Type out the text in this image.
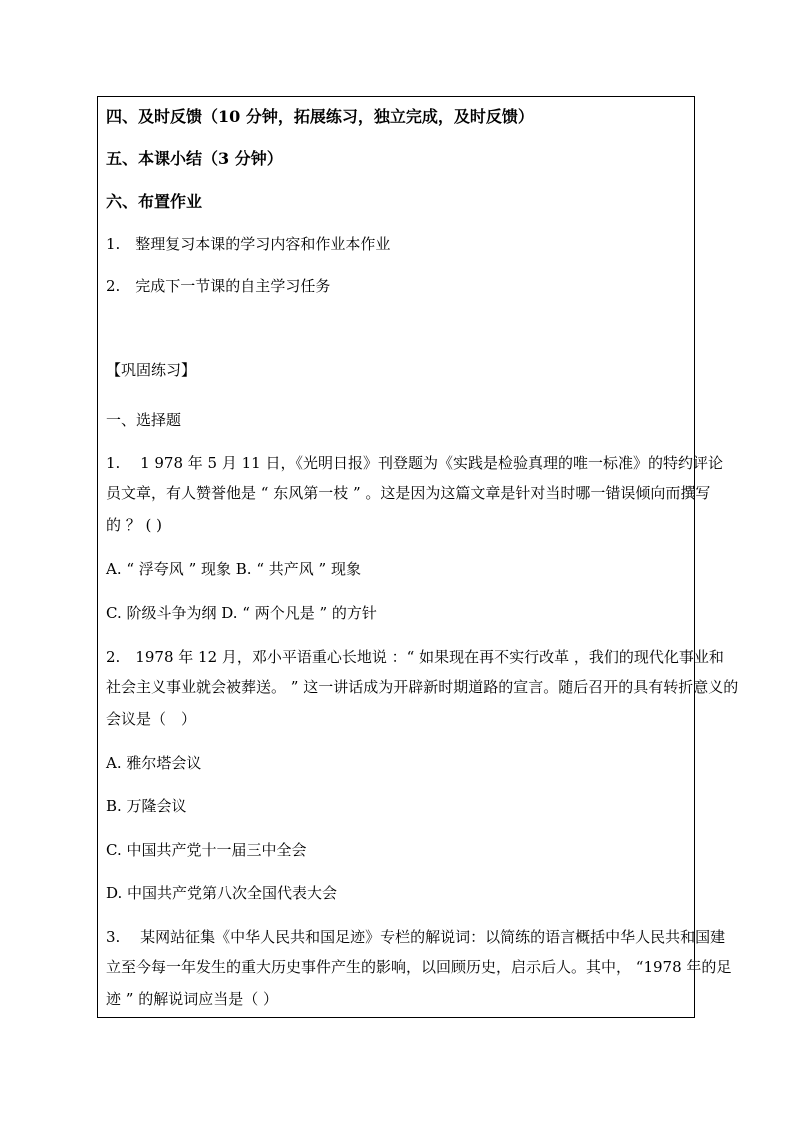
四、及时反馈（10 分钟，拓展练习，独立完成，及时反馈）
五、本课小结（3 分钟）
六、布置作业
1.　整理复习本课的学习内容和作业本作业
2.　完成下一节课的自主学习任务
【巩固练习】
一、选择题
1.　 1 978 年 5 月 11 日，《光明日报》刊登题为《实践是检验真理的唯一标准》的特约评论
员文章，有人赞誉他是 “ 东风第一枝 ” 。这是因为这篇文章是针对当时哪一错误倾向而撰写
的 ？ ( )
A. “ 浮夸风 ” 现象 B. “ 共产风 ” 现象
C. 阶级斗争为纲 D. “ 两个凡是 ” 的方针
2.　1978 年 12 月，邓小平语重心长地说 ：“ 如果现在再不实行改革 ，我们的现代化事业和
社会主义事业就会被葬送。 ” 这一讲话成为开辟新时期道路的宣言。随后召开的具有转折意义的
会议是（　）
A. 雅尔塔会议
B. 万隆会议
C. 中国共产党十一届三中全会
D. 中国共产党第八次全国代表大会
3.　 某网站征集《中华人民共和国足迹》专栏的解说词：以简练的语言概括中华人民共和国建
立至今每一年发生的重大历史事件产生的影响，以回顾历史，启示后人。其中， “1978 年的足
迹 ” 的解说词应当是（ ）
